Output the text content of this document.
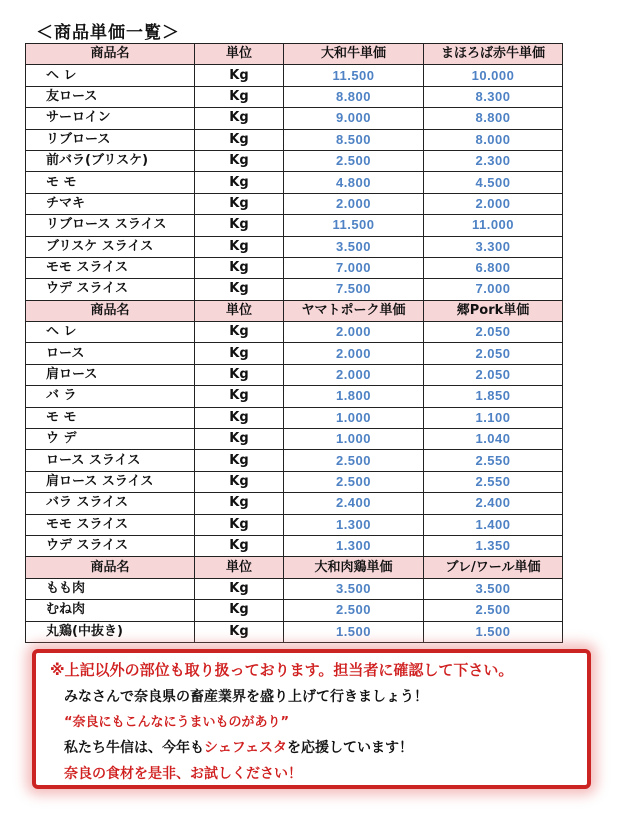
＜商品単価一覧＞
商品名	単位	大和牛単価	まほろば赤牛単価
ヘ レ	Kg	11.500	10.000
友ロース	Kg	8.800	8.300
サーロイン	Kg	9.000	8.800
リブロース	Kg	8.500	8.000
前バラ(ブリスケ)	Kg	2.500	2.300
モ モ	Kg	4.800	4.500
チマキ	Kg	2.000	2.000
リブロース スライス	Kg	11.500	11.000
ブリスケ スライス	Kg	3.500	3.300
モモ スライス	Kg	7.000	6.800
ウデ スライス	Kg	7.500	7.000
商品名	単位	ヤマトポーク単価	郷Pork単価
ヘ レ	Kg	2.000	2.050
ロース	Kg	2.000	2.050
肩ロース	Kg	2.000	2.050
バ ラ	Kg	1.800	1.850
モ モ	Kg	1.000	1.100
ウ デ	Kg	1.000	1.040
ロース スライス	Kg	2.500	2.550
肩ロース スライス	Kg	2.500	2.550
バラ スライス	Kg	2.400	2.400
モモ スライス	Kg	1.300	1.400
ウデ スライス	Kg	1.300	1.350
商品名	単位	大和肉鶏単価	ブレ/ワール単価
もも肉	Kg	3.500	3.500
むね肉	Kg	2.500	2.500
丸鶏(中抜き)	Kg	1.500	1.500
※上記以外の部位も取り扱っております。担当者に確認して下さい。
みなさんで奈良県の畜産業界を盛り上げて行きましょう！
“奈良にもこんなにうまいものがあり”
私たち牛信は、今年もシェフェスタを応援しています！
奈良の食材を是非、お試しください！
